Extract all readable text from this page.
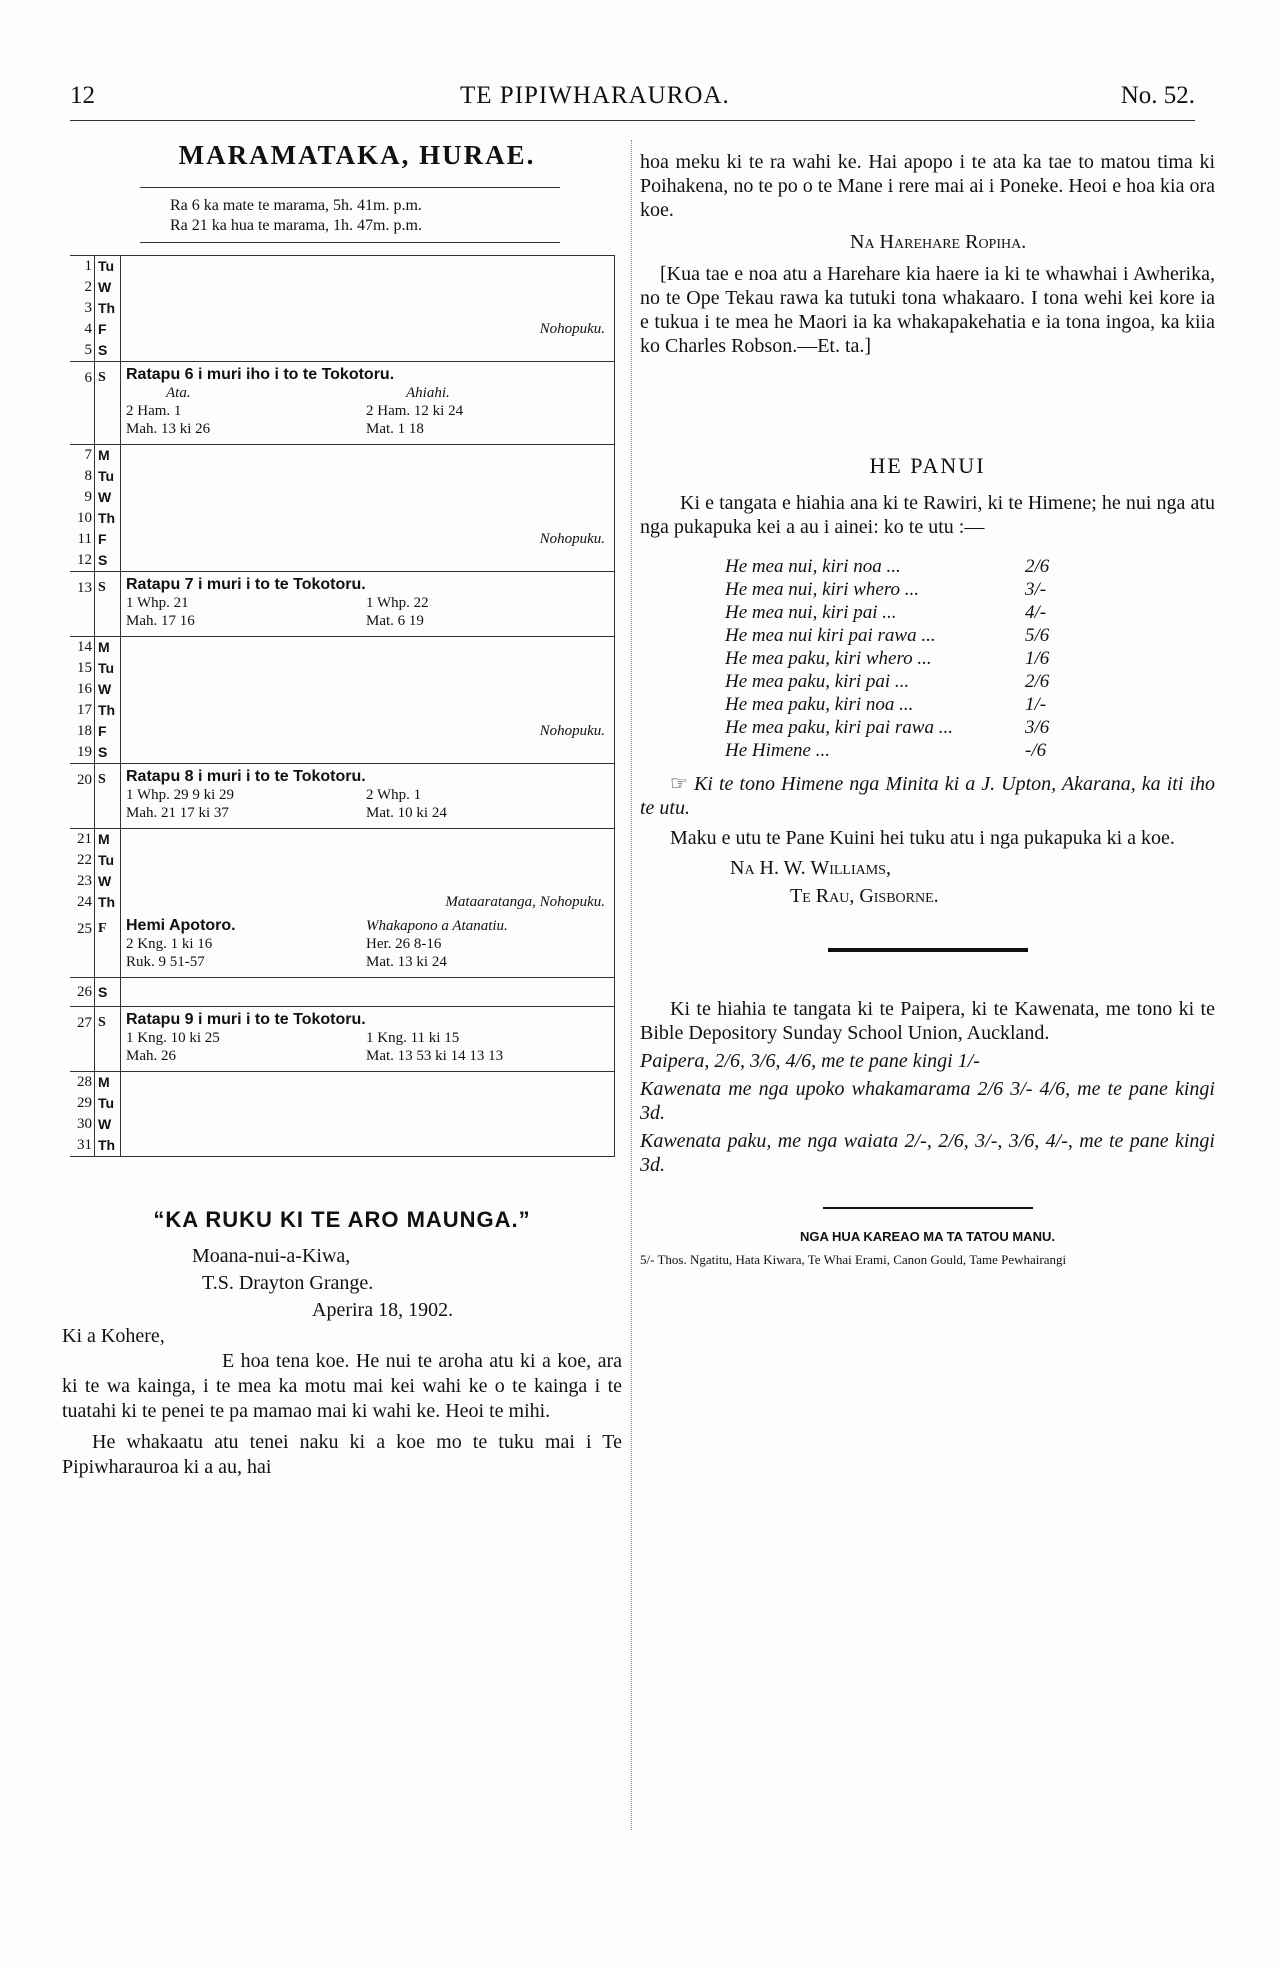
12	TE PIPIWHARAUROA.	No. 52.
MARAMATAKA, HURAE.
Ra 6 ka mate te marama, 5h. 41m. p.m.
Ra 21 ka hua te marama, 1h. 47m. p.m.
1 Tu
2 W
3 Th
4 F	Nohopuku.
5 S
6 S Ratapu 6 i muri iho i to te Tokotoru.
Ata.	Ahiahi.
2 Ham. 1	2 Ham. 12 ki 24
Mah. 13 ki 26	Mat. 1 18
7 M
8 Tu
9 W
10 Th
11 F	Nohopuku.
12 S
13 S Ratapu 7 i muri i to te Tokotoru.
1 Whp. 21	1 Whp. 22
Mah. 17 16	Mat. 6 19
14 M
15 Tu
16 W
17 Th
18 F	Nohopuku.
19 S
20 S Ratapu 8 i muri i to te Tokotoru.
1 Whp. 29 9 ki 29	2 Whp. 1
Mah. 21 17 ki 37	Mat. 10 ki 24
21 M
22 Tu
23 W
24 Th	Mataaratanga, Nohopuku.
25 F Hemi Apotoro.	Whakapono a Atanatiu.
2 Kng. 1 ki 16	Her. 26 8-16
Ruk. 9 51-57	Mat. 13 ki 24
26 S
27 S Ratapu 9 i muri i to te Tokotoru.
1 Kng. 10 ki 25	1 Kng. 11 ki 15
Mah. 26	Mat. 13 53 ki 14 13 13
28 M
29 Tu
30 W
31 Th
“KA RUKU KI TE ARO MAUNGA.”
Moana-nui-a-Kiwa,
T.S. Drayton Grange.
Aperira 18, 1902.
Ki a Kohere,
E hoa tena koe. He nui te aroha atu ki a koe, ara ki te wa kainga, i te mea ka motu mai kei wahi ke o te kainga i te tuatahi ki te penei te pa mamao mai ki wahi ke. Heoi te mihi.
He whakaatu atu tenei naku ki a koe mo te tuku mai i Te Pipiwharauroa ki a au, hai
hoa meku ki te ra wahi ke. Hai apopo i te ata ka tae to matou tima ki Poihakena, no te po o te Mane i rere mai ai i Poneke. Heoi e hoa kia ora koe.
Na Harehare Ropiha.
[Kua tae e noa atu a Harehare kia haere ia ki te whawhai i Awherika, no te Ope Tekau rawa ka tutuki tona whakaaro. I tona wehi kei kore ia e tukua i te mea he Maori ia ka whakapakehatia e ia tona ingoa, ka kiia ko Charles Robson.—Et. ta.]
HE PANUI
Ki e tangata e hiahia ana ki te Rawiri, ki te Himene; he nui nga atu nga pukapuka kei a au i ainei: ko te utu :—
He mea nui, kiri noa ...	2/6
He mea nui, kiri whero ...	3/-
He mea nui, kiri pai ...	4/-
He mea nui kiri pai rawa ...	5/6
He mea paku, kiri whero ...	1/6
He mea paku, kiri pai ...	2/6
He mea paku, kiri noa ...	1/-
He mea paku, kiri pai rawa ...	3/6
He Himene ...	-/6
☞ Ki te tono Himene nga Minita ki a J. Upton, Akarana, ka iti iho te utu.
Maku e utu te Pane Kuini hei tuku atu i nga pukapuka ki a koe.
Na H. W. Williams,
Te Rau, Gisborne.
Ki te hiahia te tangata ki te Paipera, ki te Kawenata, me tono ki te Bible Depository Sunday School Union, Auckland.
Paipera, 2/6, 3/6, 4/6, me te pane kingi 1/-
Kawenata me nga upoko whakamarama 2/6 3/- 4/6, me te pane kingi 3d.
Kawenata paku, me nga waiata 2/-, 2/6, 3/-, 3/6, 4/-, me te pane kingi 3d.
NGA HUA KAREAO MA TA TATOU MANU.
5/- Thos. Ngatitu, Hata Kiwara, Te Whai Erami, Canon Gould, Tame Pewhairangi
